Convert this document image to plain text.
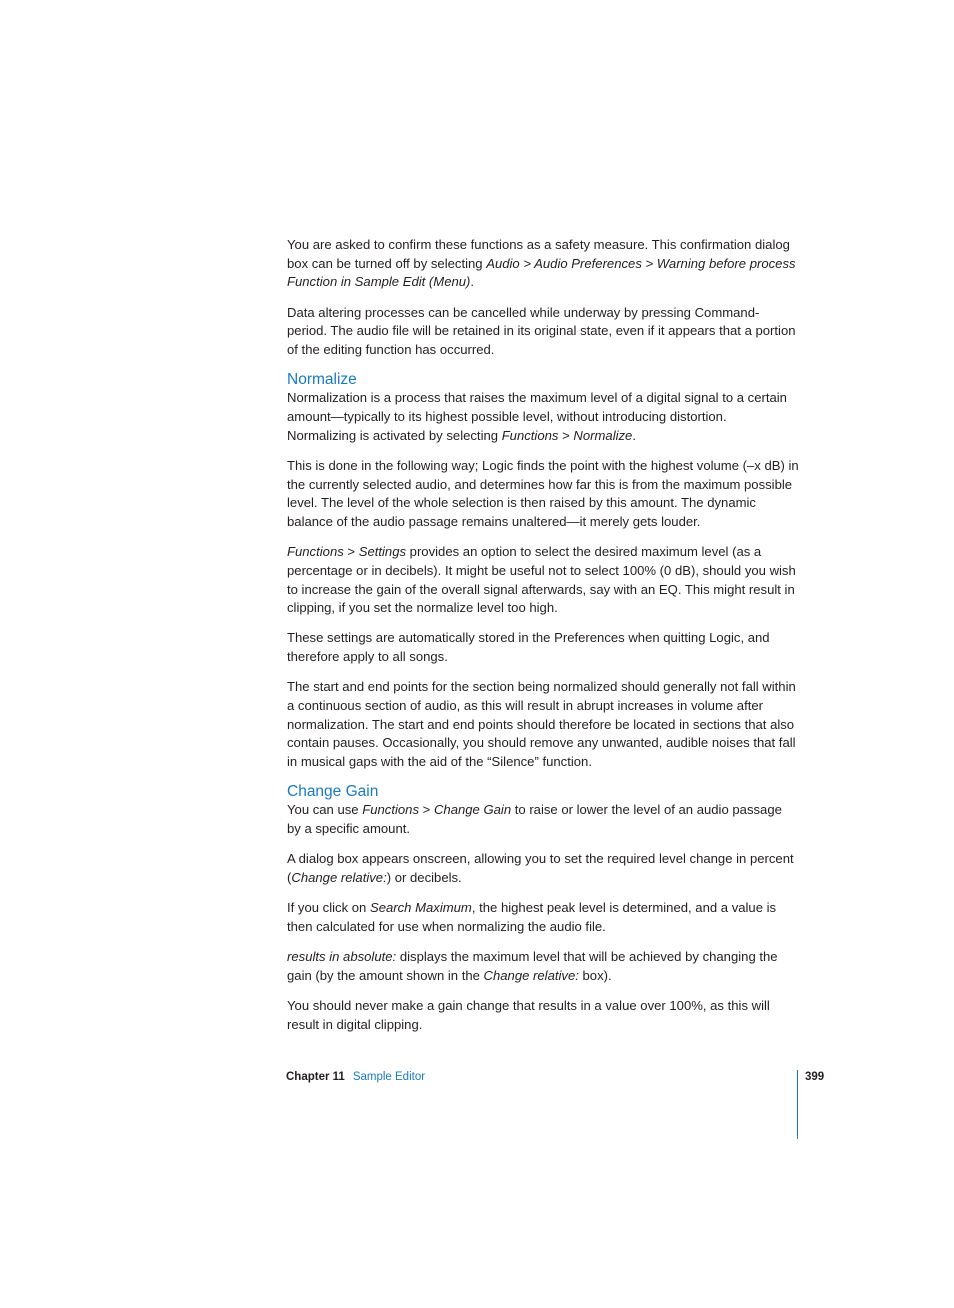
You are asked to confirm these functions as a safety measure. This confirmation dialog box can be turned off by selecting Audio > Audio Preferences > Warning before process Function in Sample Edit (Menu).

Data altering processes can be cancelled while underway by pressing Command-period. The audio file will be retained in its original state, even if it appears that a portion of the editing function has occurred.

Normalize

Normalization is a process that raises the maximum level of a digital signal to a certain amount—typically to its highest possible level, without introducing distortion. Normalizing is activated by selecting Functions > Normalize.

This is done in the following way; Logic finds the point with the highest volume (–x dB) in the currently selected audio, and determines how far this is from the maximum possible level. The level of the whole selection is then raised by this amount. The dynamic balance of the audio passage remains unaltered—it merely gets louder.

Functions > Settings provides an option to select the desired maximum level (as a percentage or in decibels). It might be useful not to select 100% (0 dB), should you wish to increase the gain of the overall signal afterwards, say with an EQ. This might result in clipping, if you set the normalize level too high.

These settings are automatically stored in the Preferences when quitting Logic, and therefore apply to all songs.

The start and end points for the section being normalized should generally not fall within a continuous section of audio, as this will result in abrupt increases in volume after normalization. The start and end points should therefore be located in sections that also contain pauses. Occasionally, you should remove any unwanted, audible noises that fall in musical gaps with the aid of the “Silence” function.

Change Gain

You can use Functions > Change Gain to raise or lower the level of an audio passage by a specific amount.

A dialog box appears onscreen, allowing you to set the required level change in percent (Change relative:) or decibels.

If you click on Search Maximum, the highest peak level is determined, and a value is then calculated for use when normalizing the audio file.

results in absolute: displays the maximum level that will be achieved by changing the gain (by the amount shown in the Change relative: box).

You should never make a gain change that results in a value over 100%, as this will result in digital clipping.

Chapter 11 Sample Editor	399
